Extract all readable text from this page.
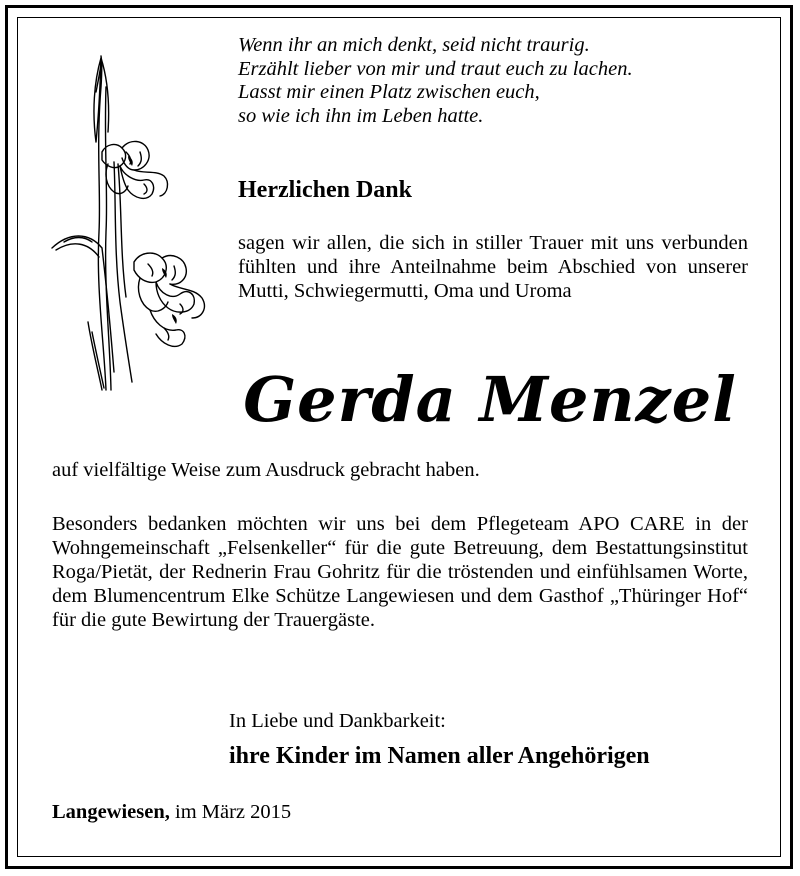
Wenn ihr an mich denkt, seid nicht traurig.
Erzählt lieber von mir und traut euch zu lachen.
Lasst mir einen Platz zwischen euch,
so wie ich ihn im Leben hatte.
Herzlichen Dank
sagen wir allen, die sich in stiller Trauer mit uns verbunden fühlten und ihre Anteilnahme beim Abschied von unserer Mutti, Schwiegermutti, Oma und Uroma
Gerda Menzel
auf vielfältige Weise zum Ausdruck gebracht haben.
Besonders bedanken möchten wir uns bei dem Pflegeteam APO CARE in der Wohngemeinschaft „Felsenkeller“ für die gute Betreuung, dem Bestattungsinstitut Roga/Pietät, der Rednerin Frau Gohritz für die tröstenden und einfühlsamen Worte, dem Blumencentrum Elke Schütze Langewiesen und dem Gasthof „Thüringer Hof“ für die gute Bewirtung der Trauergäste.
In Liebe und Dankbarkeit:
ihre Kinder im Namen aller Angehörigen
Langewiesen, im März 2015
